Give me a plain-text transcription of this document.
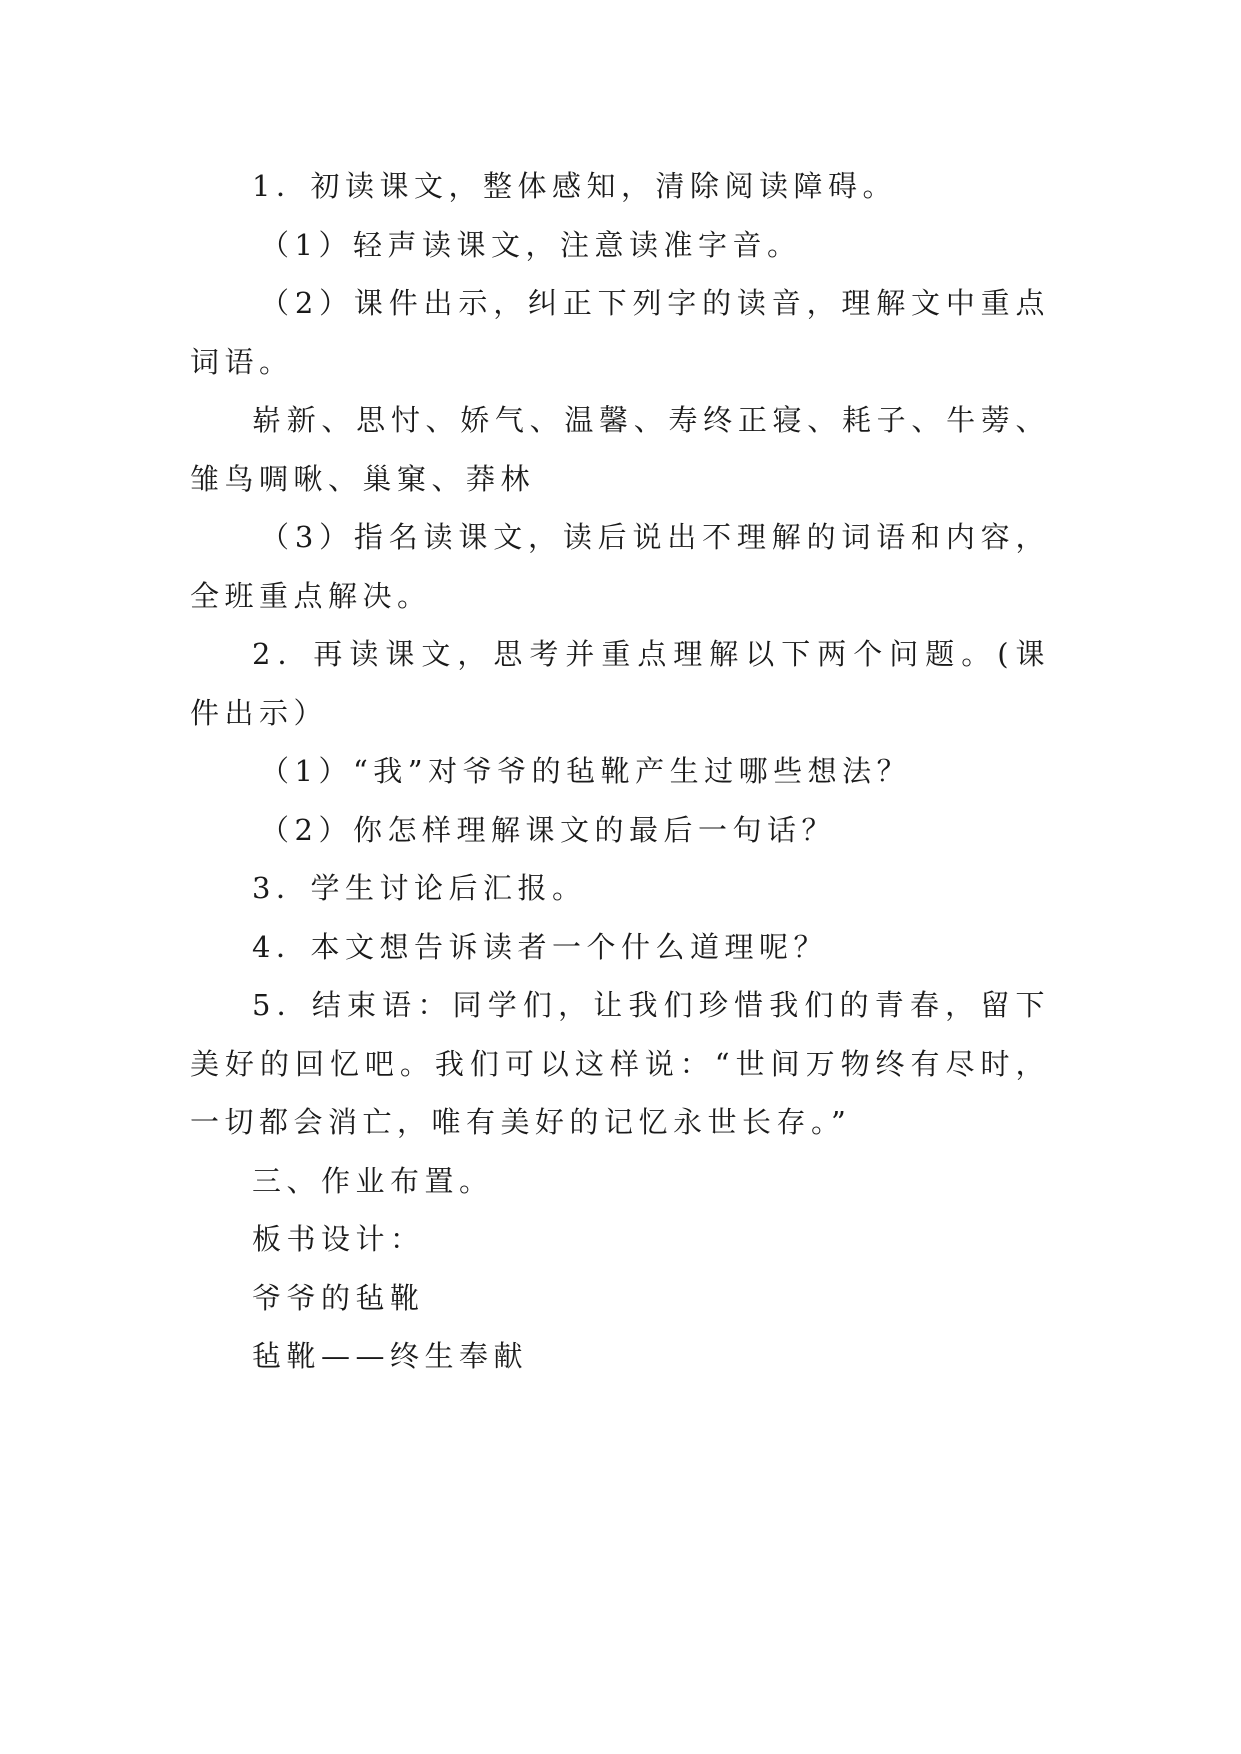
1．初读课文，整体感知，清除阅读障碍。

（1）轻声读课文，注意读准字音。

（2）课件出示，纠正下列字的读音，理解文中重点词语。

崭新、思忖、娇气、温馨、寿终正寝、耗子、牛蒡、雏鸟啁啾、巢窠、莽林

（3）指名读课文，读后说出不理解的词语和内容，全班重点解决。

2．再读课文，思考并重点理解以下两个问题。(课件出示）

（1）“我”对爷爷的毡靴产生过哪些想法？

（2）你怎样理解课文的最后一句话？

3．学生讨论后汇报。

4．本文想告诉读者一个什么道理呢？

5．结束语：同学们，让我们珍惜我们的青春，留下美好的回忆吧。我们可以这样说：“世间万物终有尽时，一切都会消亡，唯有美好的记忆永世长存。”

三、作业布置。

板书设计：

爷爷的毡靴

毡靴——终生奉献
